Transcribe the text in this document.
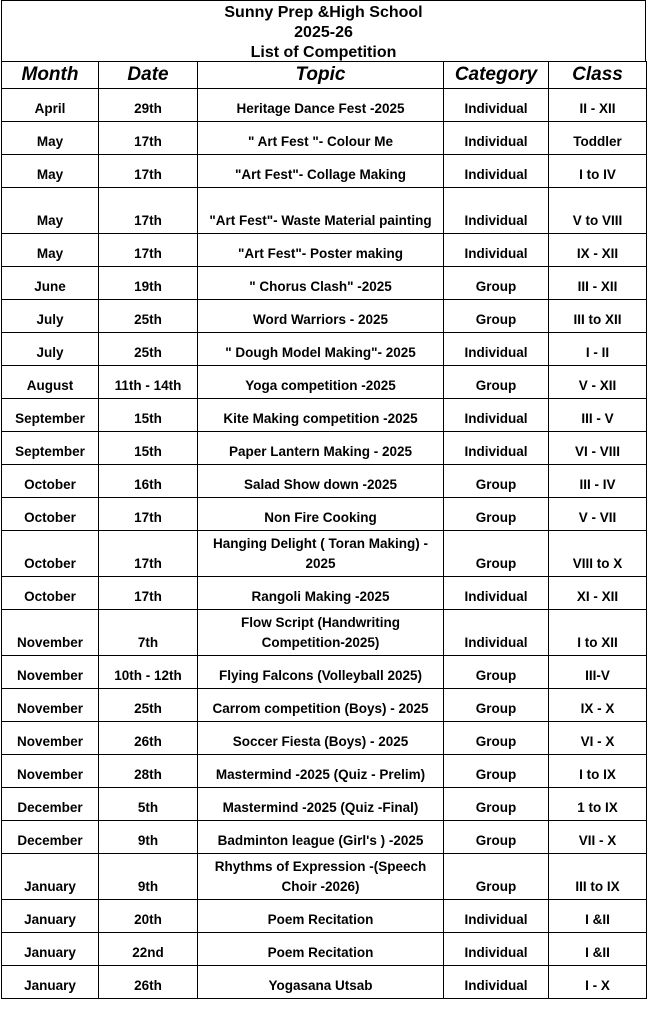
Sunny Prep &High School
2025-26
List of Competition
Month	Date	Topic	Category	Class
April	29th	Heritage Dance Fest -2025	Individual	II - XII
May	17th	" Art Fest "- Colour Me	Individual	Toddler
May	17th	"Art Fest"- Collage Making	Individual	I to IV
May	17th	"Art Fest"- Waste Material painting	Individual	V to VIII
May	17th	"Art Fest"- Poster making	Individual	IX - XII
June	19th	" Chorus Clash" -2025	Group	III - XII
July	25th	Word Warriors - 2025	Group	III to XII
July	25th	" Dough Model Making"- 2025	Individual	I - II
August	11th - 14th	Yoga competition -2025	Group	V - XII
September	15th	Kite Making competition -2025	Individual	III - V
September	15th	Paper Lantern Making - 2025	Individual	VI - VIII
October	16th	Salad Show down -2025	Group	III - IV
October	17th	Non Fire Cooking	Group	V - VII
October	17th	Hanging Delight ( Toran Making) - 2025	Group	VIII to X
October	17th	Rangoli Making -2025	Individual	XI - XII
November	7th	Flow Script (Handwriting Competition-2025)	Individual	I to XII
November	10th - 12th	Flying Falcons (Volleyball 2025)	Group	III-V
November	25th	Carrom competition (Boys) - 2025	Group	IX - X
November	26th	Soccer Fiesta (Boys) - 2025	Group	VI - X
November	28th	Mastermind -2025 (Quiz - Prelim)	Group	I to IX
December	5th	Mastermind -2025 (Quiz -Final)	Group	1 to IX
December	9th	Badminton league (Girl's ) -2025	Group	VII - X
January	9th	Rhythms of Expression -(Speech Choir -2026)	Group	III to IX
January	20th	Poem Recitation	Individual	I &II
January	22nd	Poem Recitation	Individual	I &II
January	26th	Yogasana Utsab	Individual	I - X
